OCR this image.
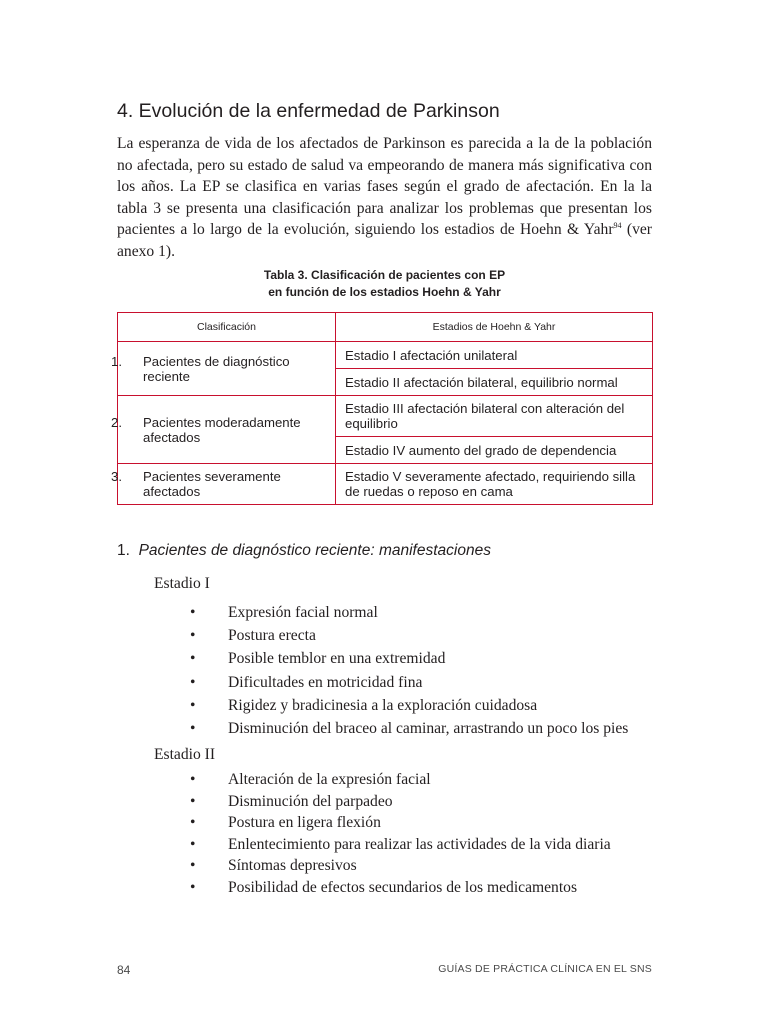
4. Evolución de la enfermedad de Parkinson

La esperanza de vida de los afectados de Parkinson es parecida a la de la población no afectada, pero su estado de salud va empeorando de manera más significativa con los años. La EP se clasifica en varias fases según el grado de afectación. En la la tabla 3 se presenta una clasificación para analizar los problemas que presentan los pacientes a lo largo de la evolución, siguiendo los estadios de Hoehn & Yahr$^{94}$ (ver anexo 1).

Tabla 3. Clasificación de pacientes con EP
en función de los estadios Hoehn & Yahr
Clasificación	Estadios de Hoehn & Yahr

1. Pacientes de diagnóstico reciente	Estadio I afectación unilateral
	Estadio II afectación bilateral, equilibrio normal

2. Pacientes moderadamente afectados	Estadio III afectación bilateral con alteración del equilibrio
	Estadio IV aumento del grado de dependencia

3. Pacientes severamente afectados	Estadio V severamente afectado, requiriendo silla de ruedas o reposo en cama
1. Pacientes de diagnóstico reciente: manifestaciones
Estadio I
• Expresión facial normal
• Postura erecta
• Posible temblor en una extremidad
• Dificultades en motricidad fina
• Rigidez y bradicinesia a la exploración cuidadosa
• Disminución del braceo al caminar, arrastrando un poco los pies
Estadio II
• Alteración de la expresión facial
• Disminución del parpadeo
• Postura en ligera flexión
• Enlentecimiento para realizar las actividades de la vida diaria
• Síntomas depresivos
• Posibilidad de efectos secundarios de los medicamentos
84	GUÍAS DE PRÁCTICA CLÍNICA EN EL SNS
